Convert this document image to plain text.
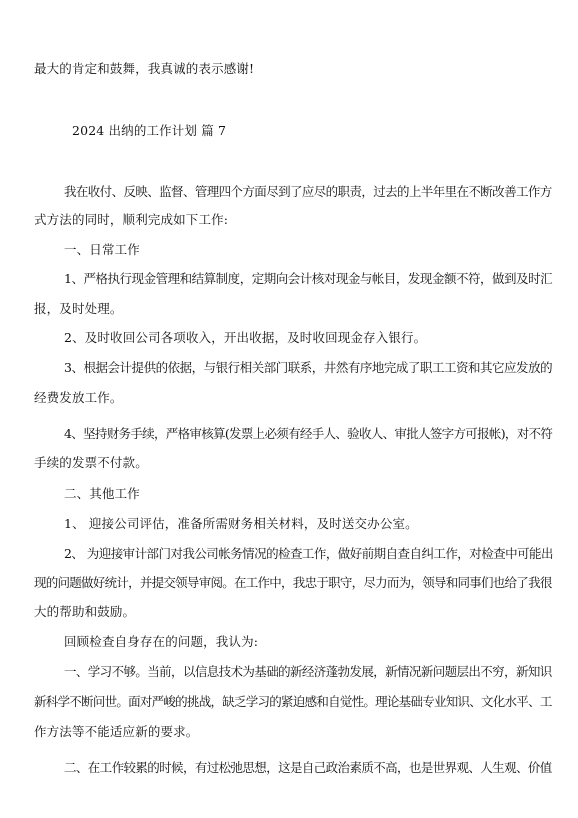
最大的肯定和鼓舞，我真诚的表示感谢!
2024 出纳的工作计划 篇 7
我在收付、反映、监督、管理四个方面尽到了应尽的职责，过去的上半年里在不断改善工作方
式方法的同时，顺利完成如下工作:
一、日常工作
1、严格执行现金管理和结算制度，定期向会计核对现金与帐目，发现金额不符，做到及时汇
报，及时处理。
2、及时收回公司各项收入，开出收据，及时收回现金存入银行。
3、根据会计提供的依据，与银行相关部门联系，井然有序地完成了职工工资和其它应发放的
经费发放工作。
4、坚持财务手续，严格审核算(发票上必须有经手人、验收人、审批人签字方可报帐)，对不符
手续的发票不付款。
二、其他工作
1、 迎接公司评估，准备所需财务相关材料，及时送交办公室。
2、 为迎接审计部门对我公司帐务情况的检查工作，做好前期自查自纠工作，对检查中可能出
现的问题做好统计，并提交领导审阅。在工作中，我忠于职守，尽力而为，领导和同事们也给了我很
大的帮助和鼓励。
回顾检查自身存在的问题，我认为:
一、学习不够。当前，以信息技术为基础的新经济蓬勃发展，新情况新问题层出不穷，新知识
新科学不断问世。面对严峻的挑战，缺乏学习的紧迫感和自觉性。理论基础专业知识、文化水平、工
作方法等不能适应新的要求。
二、在工作较累的时候，有过松弛思想，这是自己政治素质不高，也是世界观、人生观、价值
